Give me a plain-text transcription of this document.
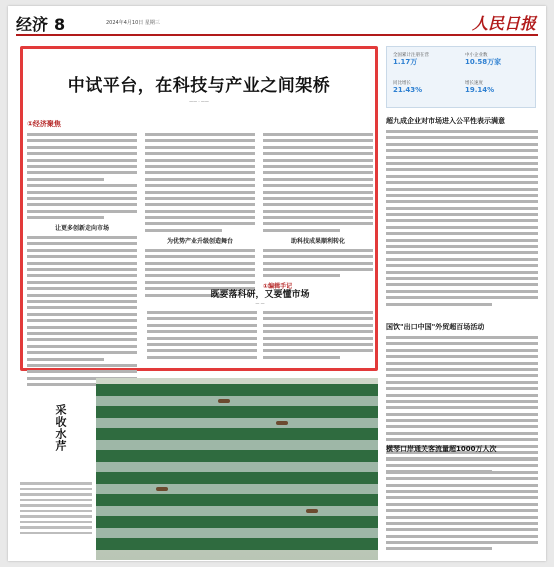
经济 8	2024年4月10日 星期三	人民日报
中试平台，在科技与产业之间架桥
—— · ——
①经济聚焦
让更多创新走向市场
为优势产业升级创造舞台	助科技成果顺利转化
①编辑手记
既要落科研，又要懂市场
— —
全国累计注册在营
1.17万
中小企业数
10.58万家
同比增长
21.43%
增长速度
19.14%
超九成企业对市场进入公平性表示满意
国饮"出口中国"外贸超百场活动
横琴口岸通关客流量超1000万人次
采收水芹
